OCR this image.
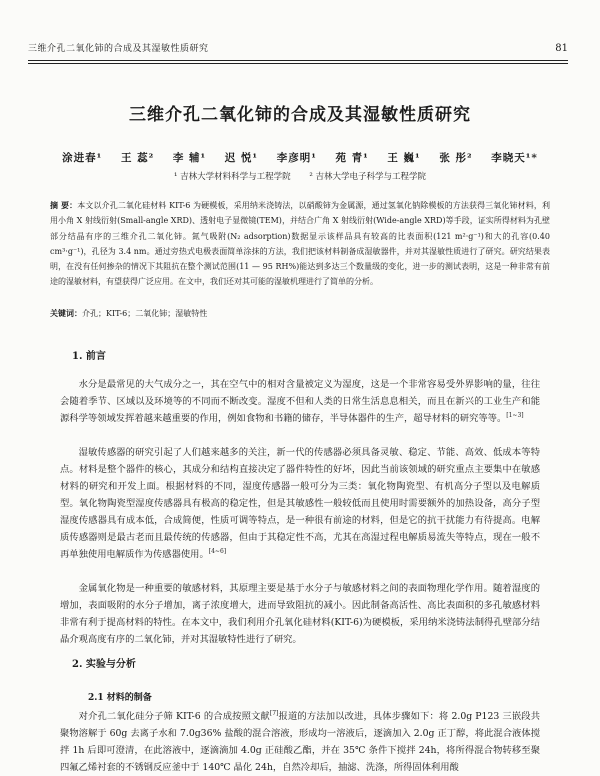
三维介孔二氧化铈的合成及其湿敏性质研究	81
三维介孔二氧化铈的合成及其湿敏性质研究
涂进春¹ 王 蕊² 李 辅¹ 迟 悦¹ 李彦明¹ 苑 青¹ 王 巍¹ 张 彤² 李晓天¹*
¹ 吉林大学材料科学与工程学院 ² 吉林大学电子科学与工程学院

摘 要：本文以介孔二氧化硅材料 KIT-6 为硬模板，采用纳米浇铸法，以硝酸铈为金属源，通过氢氧化钠除模板的方法获得三氧化铈材料，利用小角 X 射线衍射(Small-angle XRD)、透射电子显微镜(TEM)，并结合广角 X 射线衍射(Wide-angle XRD)等手段，证实所得材料为孔壁部分结晶有序的三维介孔二氧化铈。氮气吸附(N₂ adsorption)数据显示该样品具有较高的比表面积(121 m²·g⁻¹)和大的孔容(0.40 cm³·g⁻¹)，孔径为 3.4 nm。通过旁热式电极表面简单涂抹的方法，我们把该材料制备成湿敏器件，并对其湿敏性质进行了研究。研究结果表明，在没有任何掺杂的情况下其阻抗在整个测试范围(11 — 95 RH%)能达到多达三个数量级的变化，进一步的测试表明，这是一种非常有前途的湿敏材料，有望获得广泛应用。在文中，我们还对其可能的湿敏机理进行了简单的分析。

关键词：介孔；KIT-6；二氧化铈；湿敏特性

1. 前言

水分是最常见的大气成分之一，其在空气中的相对含量被定义为湿度，这是一个非常容易受外界影响的量，往往会随着季节、区域以及环境等的不同而不断改变。湿度不但和人类的日常生活息息相关，而且在新兴的工业生产和能源科学等领域发挥着越来越重要的作用，例如食物和书籍的储存，半导体器件的生产，超导材料的研究等等。[1~3]

湿敏传感器的研究引起了人们越来越多的关注，新一代的传感器必须具备灵敏、稳定、节能、高效、低成本等特点。材料是整个器件的核心，其成分和结构直接决定了器件特性的好坏，因此当前该领域的研究重点主要集中在敏感材料的研究和开发上面。根据材料的不同，湿度传感器一般可分为三类：氧化物陶瓷型、有机高分子型以及电解质型。氧化物陶瓷型湿度传感器具有极高的稳定性，但是其敏感性一般较低而且使用时需要额外的加热设备，高分子型湿度传感器具有成本低，合成简便，性质可调等特点，是一种很有前途的材料，但是它的抗干扰能力有待提高。电解质传感器则是最古老而且最传统的传感器，但由于其稳定性不高，尤其在高湿过程电解质易流失等特点，现在一般不再单独使用电解质作为传感器使用。[4~6]

金属氧化物是一种重要的敏感材料，其原理主要是基于水分子与敏感材料之间的表面物理化学作用。随着湿度的增加，表面吸附的水分子增加，离子浓度增大，进而导致阻抗的减小。因此制备高活性、高比表面积的多孔敏感材料非常有利于提高材料的特性。在本文中，我们利用介孔氧化硅材料(KIT-6)为硬模板，采用纳米浇铸法制得孔壁部分结晶介观高度有序的二氧化铈，并对其湿敏特性进行了研究。

2. 实验与分析
2.1 材料的制备

对介孔二氧化硅分子筛 KIT-6 的合成按照文献[7]报道的方法加以改进，具体步骤如下：将 2.0g P123 三嵌段共聚物溶解于 60g 去离子水和 7.0g36% 盐酸的混合溶液，形成均一溶液后，逐滴加入 2.0g 正丁醇，将此混合液体搅拌 1h 后即可澄清，在此溶液中，逐滴滴加 4.0g 正硅酸乙酯，并在 35℃ 条件下搅拌 24h，将所得混合物转移至聚四氟乙烯衬套的不锈钢反应釜中于 140℃ 晶化 24h，自然冷却后，抽滤、洗涤，所得固体利用酸
